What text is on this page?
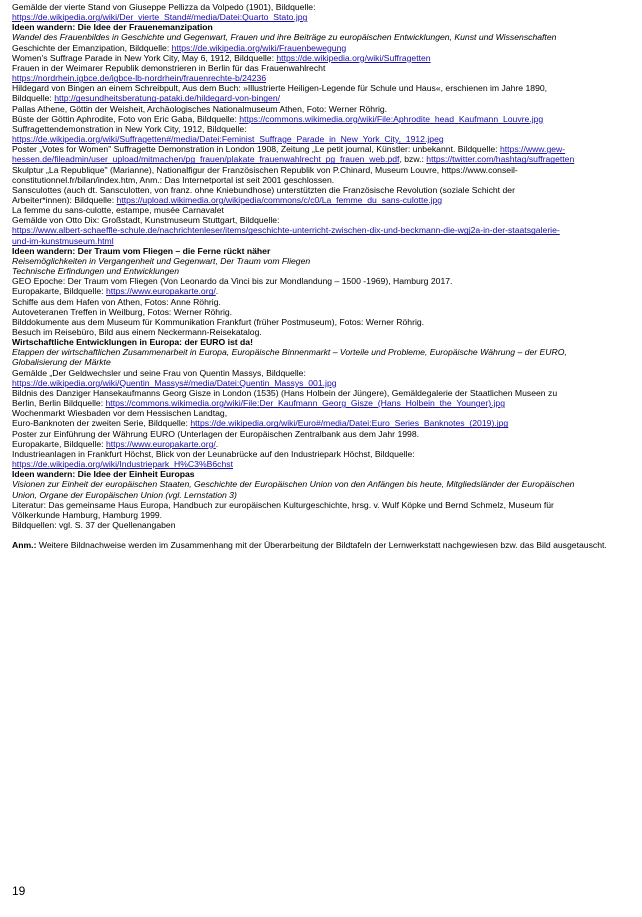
Gemälde der vierte Stand von Giuseppe Pellizza da Volpedo (1901), Bildquelle:
https://de.wikipedia.org/wiki/Der_vierte_Stand#/media/Datei:Quarto_Stato.jpg
Ideen wandern: Die Idee der Frauenemanzipation
Wandel des Frauenbildes in Geschichte und Gegenwart, Frauen und ihre Beiträge zu europäischen Entwicklungen, Kunst und Wissenschaften
Geschichte der Emanzipation, Bildquelle: https://de.wikipedia.org/wiki/Frauenbewegung
Women's Suffrage Parade in New York City, May 6, 1912, Bildquelle: https://de.wikipedia.org/wiki/Suffragetten
Frauen in der Weimarer Republik demonstrieren in Berlin für das Frauenwahlrecht
https://nordrhein.igbce.de/igbce-lb-nordrhein/frauenrechte-b/24236
Hildegard von Bingen an einem Schreibpult, Aus dem Buch: »Illustrierte Heiligen-Legende für Schule und Haus«, erschienen im Jahre 1890,
Bildquelle: http://gesundheitsberatung-pataki.de/hildegard-von-bingen/
Pallas Athene, Göttin der Weisheit, Archäologisches Nationalmuseum Athen, Foto: Werner Röhrig.
Büste der Göttin Aphrodite, Foto von Eric Gaba, Bildquelle: https://commons.wikimedia.org/wiki/File:Aphrodite_head_Kaufmann_Louvre.jpg
Suffragettendemonstration in New York City, 1912, Bildquelle:
https://de.wikipedia.org/wiki/Suffragetten#/media/Datei:Feminist_Suffrage_Parade_in_New_York_City,_1912.jpeg
Poster „Votes for Women" Suffragette Demonstration in London 1908, Zeitung „Le petit journal, Künstler: unbekannt. Bildquelle: https://www.gew-
hessen.de/fileadmin/user_upload/mitmachen/pg_frauen/plakate_frauenwahlrecht_pg_frauen_web.pdf, bzw.: https://twitter.com/hashtag/suffragetten
Skulptur „La Republique" (Marianne), Nationalfigur der Französischen Republik von P.Chinard, Museum Louvre, https://www.conseil-
constitutionnel.fr/bilan/index.htm, Anm.: Das Internetportal ist seit 2001 geschlossen.
Sansculottes (auch dt. Sansculotten, von franz. ohne Kniebundhose) unterstützten die Französische Revolution (soziale Schicht der
Arbeiter*innen): Bildquelle: https://upload.wikimedia.org/wikipedia/commons/c/c0/La_femme_du_sans-culotte.jpg
La femme du sans-culotte, estampe, musée Carnavalet
Gemälde von Otto Dix: Großstadt, Kunstmuseum Stuttgart, Bildquelle:
https://www.albert-schaeffle-schule.de/nachrichtenleser/items/geschichte-unterricht-zwischen-dix-und-beckmann-die-wgj2a-in-der-staatsgalerie-
und-im-kunstmuseum.html
Ideen wandern: Der Traum vom Fliegen – die Ferne rückt näher
Reisemöglichkeiten in Vergangenheit und Gegenwart, Der Traum vom Fliegen
Technische Erfindungen und Entwicklungen
GEO Epoche: Der Traum vom Fliegen (Von Leonardo da Vinci bis zur Mondlandung – 1500 -1969), Hamburg 2017.
Europakarte, Bildquelle: https://www.europakarte.org/.
Schiffe aus dem Hafen von Athen, Fotos: Anne Röhrig.
Autoveteranen Treffen in Weilburg, Fotos: Werner Röhrig.
Bilddokumente aus dem Museum für Kommunikation Frankfurt (früher Postmuseum), Fotos: Werner Röhrig.
Besuch im Reisebüro, Bild aus einem Neckermann-Reisekatalog.
Wirtschaftliche Entwicklungen in Europa: der EURO ist da!
Etappen der wirtschaftlichen Zusammenarbeit in Europa, Europäische Binnenmarkt – Vorteile und Probleme, Europäische Währung – der EURO,
Globalisierung der Märkte
Gemälde „Der Geldwechsler und seine Frau von Quentin Massys, Bildquelle:
https://de.wikipedia.org/wiki/Quentin_Massys#/media/Datei:Quentin_Massys_001.jpg
Bildnis des Danziger Hansekaufmanns Georg Gisze in London (1535) (Hans Holbein der Jüngere), Gemäldegalerie der Staatlichen Museen zu
Berlin, Berlin Bildquelle: https://commons.wikimedia.org/wiki/File:Der_Kaufmann_Georg_Gisze_(Hans_Holbein_the_Younger).jpg
Wochenmarkt Wiesbaden vor dem Hessischen Landtag,
Euro-Banknoten der zweiten Serie, Bildquelle: https://de.wikipedia.org/wiki/Euro#/media/Datei:Euro_Series_Banknotes_(2019).jpg
Poster zur Einführung der Währung EURO (Unterlagen der Europäischen Zentralbank aus dem Jahr 1998.
Europakarte, Bildquelle: https://www.europakarte.org/.
Industrieanlagen in Frankfurt Höchst, Blick von der Leunabrücke auf den Industriepark Höchst, Bildquelle:
https://de.wikipedia.org/wiki/Industriepark_H%C3%B6chst
Ideen wandern: Die Idee der Einheit Europas
Visionen zur Einheit der europäischen Staaten, Geschichte der Europäischen Union von den Anfängen bis heute, Mitgliedsländer der Europäischen
Union, Organe der Europäischen Union (vgl. Lernstation 3)
Literatur: Das gemeinsame Haus Europa, Handbuch zur europäischen Kulturgeschichte, hrsg. v. Wulf Köpke und Bernd Schmelz, Museum für
Völkerkunde Hamburg, Hamburg 1999.
Bildquellen: vgl. S. 37 der Quellenangaben
Anm.: Weitere Bildnachweise werden im Zusammenhang mit der Überarbeitung der Bildtafeln der Lernwerkstatt nachgewiesen bzw. das Bild ausgetauscht.
19
